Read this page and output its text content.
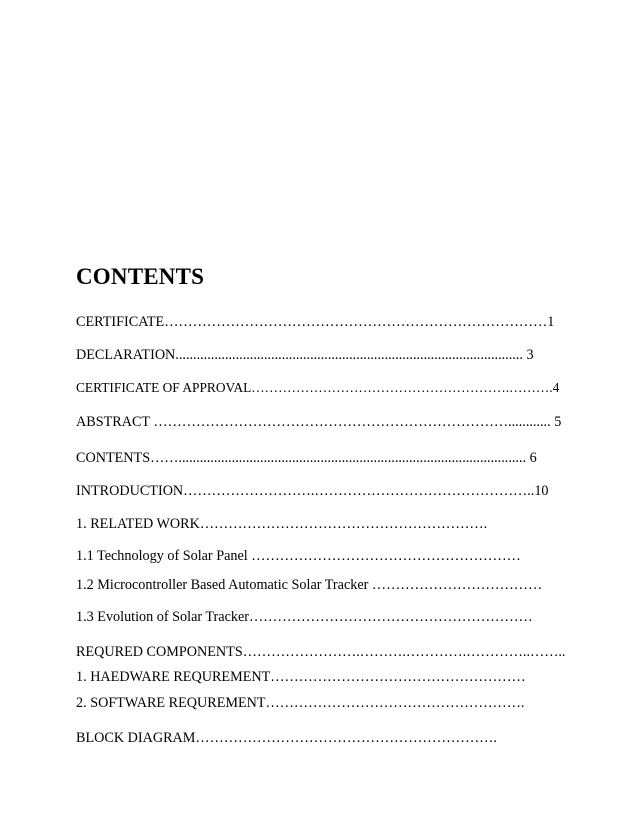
CONTENTS
CERTIFICATE………………………………………………………………………1
DECLARATION.................................................................................................. 3
CERTIFICATE OF APPROVAL………………………………………………….……….4
ABSTRACT …………………………………………………………………............ 5
CONTENTS…….................................................................................................. 6
INTRODUCTION……………………….………………………………………..10
1. RELATED WORK…………………………………………………….
1.1 Technology of Solar Panel …………………………………………………
1.2 Microcontroller Based Automatic Solar Tracker ………………………………
1.3 Evolution of Solar Tracker……………………………………………………
REQURED COMPONENTS…………………….……….………….…………..……..
1. HAEDWARE REQUREMENT………………………………………………
2. SOFTWARE REQUREMENT……………………………………………….
BLOCK DIAGRAM……………………………………………………….
